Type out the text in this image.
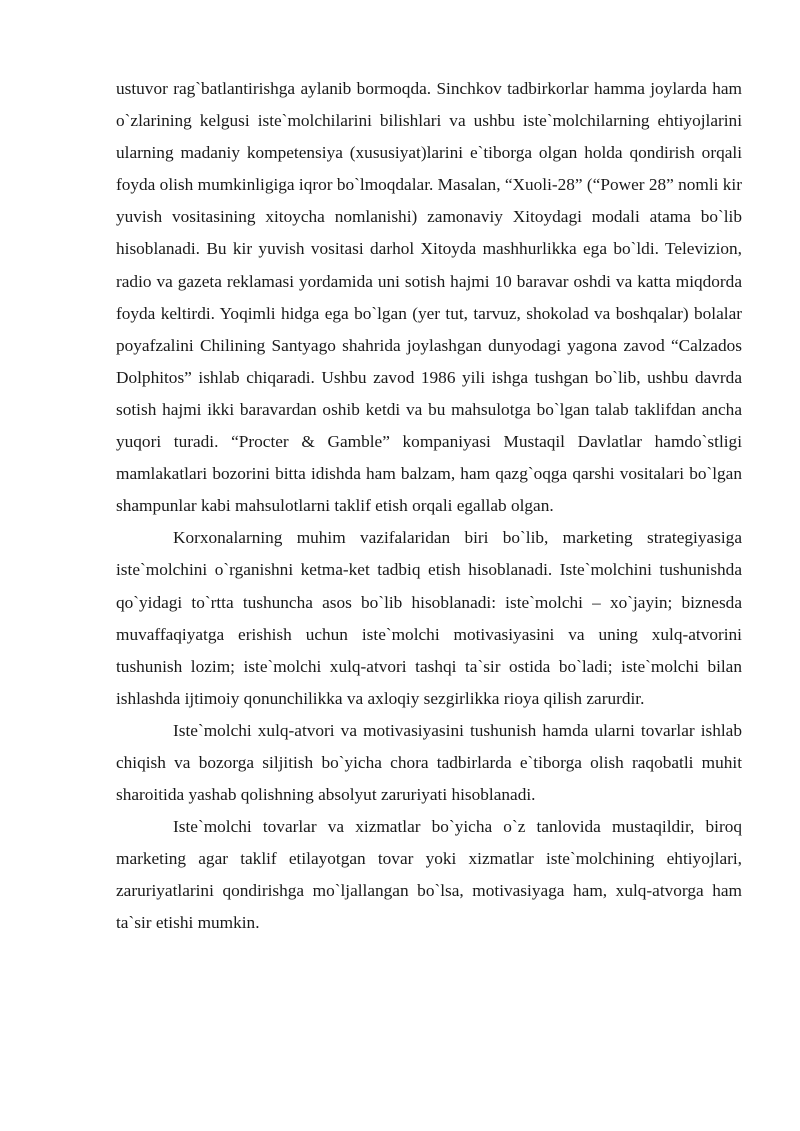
ustuvor rag`batlantirishga aylanib bormoqda. Sinchkov tadbirkorlar hamma joylarda ham o`zlarining kelgusi iste`molchilarini bilishlari va ushbu iste`molchilarning ehtiyojlarini ularning madaniy kompetensiya (xususiyat)larini e`tiborga olgan holda qondirish orqali foyda olish mumkinligiga iqror bo`lmoqdalar. Masalan, “Xuoli-28” (“Power 28” nomli kir yuvish vositasining xitoycha nomlanishi) zamonaviy Xitoydagi modali atama bo`lib hisoblanadi. Bu kir yuvish vositasi darhol Xitoyda mashhurlikka ega bo`ldi. Televizion, radio va gazeta reklamasi yordamida uni sotish hajmi 10 baravar oshdi va katta miqdorda foyda keltirdi. Yoqimli hidga ega bo`lgan (yer tut, tarvuz, shokolad va boshqalar) bolalar poyafzalini Chilining Santyago shahrida joylashgan dunyodagi yagona zavod “Calzados Dolphitos” ishlab chiqaradi. Ushbu zavod 1986 yili ishga tushgan bo`lib, ushbu davrda sotish hajmi ikki baravardan oshib ketdi va bu mahsulotga bo`lgan talab taklifdan ancha yuqori turadi. “Procter & Gamble” kompaniyasi Mustaqil Davlatlar hamdo`stligi mamlakatlari bozorini bitta idishda ham balzam, ham qazg`oqga qarshi vositalari bo`lgan shampunlar kabi mahsulotlarni taklif etish orqali egallab olgan.

Korxonalarning muhim vazifalaridan biri bo`lib, marketing strategiyasiga iste`molchini o`rganishni ketma-ket tadbiq etish hisoblanadi. Iste`molchini tushunishda qo`yidagi to`rtta tushuncha asos bo`lib hisoblanadi: iste`molchi – xo`jayin; biznesda muvaffaqiyatga erishish uchun iste`molchi motivasiyasini va uning xulq-atvorini tushunish lozim; iste`molchi xulq-atvori tashqi ta`sir ostida bo`ladi; iste`molchi bilan ishlashda ijtimoiy qonunchilikka va axloqiy sezgirlikka rioya qilish zarurdir.

Iste`molchi xulq-atvori va motivasiyasini tushunish hamda ularni tovarlar ishlab chiqish va bozorga siljitish bo`yicha chora tadbirlarda e`tiborga olish raqobatli muhit sharoitida yashab qolishning absolyut zaruriyati hisoblanadi.

Iste`molchi tovarlar va xizmatlar bo`yicha o`z tanlovida mustaqildir, biroq marketing agar taklif etilayotgan tovar yoki xizmatlar iste`molchining ehtiyojlari, zaruriyatlarini qondirishga mo`ljallangan bo`lsa, motivasiyaga ham, xulq-atvorga ham ta`sir etishi mumkin.
